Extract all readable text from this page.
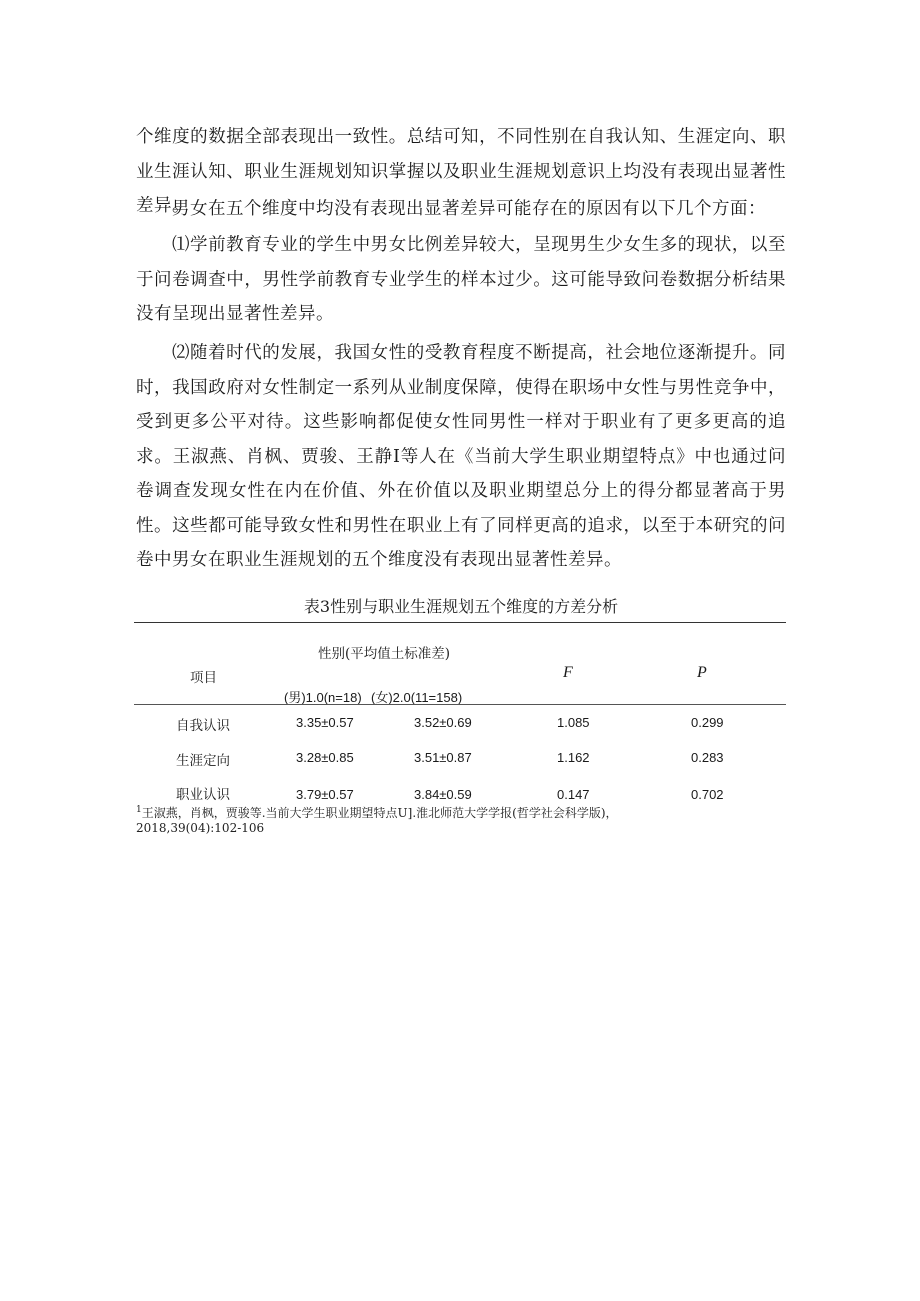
个维度的数据全部表现出一致性。总结可知，不同性别在自我认知、生涯定向、职业生涯认知、职业生涯规划知识掌握以及职业生涯规划意识上均没有表现出显著性差异。

男女在五个维度中均没有表现出显著差异可能存在的原因有以下几个方面：

⑴学前教育专业的学生中男女比例差异较大，呈现男生少女生多的现状，以至于问卷调查中，男性学前教育专业学生的样本过少。这可能导致问卷数据分析结果没有呈现出显著性差异。

⑵随着时代的发展，我国女性的受教育程度不断提高，社会地位逐渐提升。同时，我国政府对女性制定一系列从业制度保障，使得在职场中女性与男性竞争中，受到更多公平对待。这些影响都促使女性同男性一样对于职业有了更多更高的追求。王淑燕、肖枫、贾骏、王静I等人在《当前大学生职业期望特点》中也通过问卷调查发现女性在内在价值、外在价值以及职业期望总分上的得分都显著高于男性。这些都可能导致女性和男性在职业上有了同样更高的追求，以至于本研究的问卷中男女在职业生涯规划的五个维度没有表现出显著性差异。

表3性别与职业生涯规划五个维度的方差分析

性别(平均值土标准差)
项目	F	P
(男)1.0(n=18) (女)2.0(11=158)
自我认识	3.35±0.57	3.52±0.69	1.085	0.299
生涯定向	3.28±0.85	3.51±0.87	1.162	0.283
职业认识	3.79±0.57	3.84±0.59	0.147	0.702

$^1$王淑燕，肖枫，贾骏等.当前大学生职业期望特点U].淮北师范大学学报(哲学社会科学版)，

2018,39(04):102-106
